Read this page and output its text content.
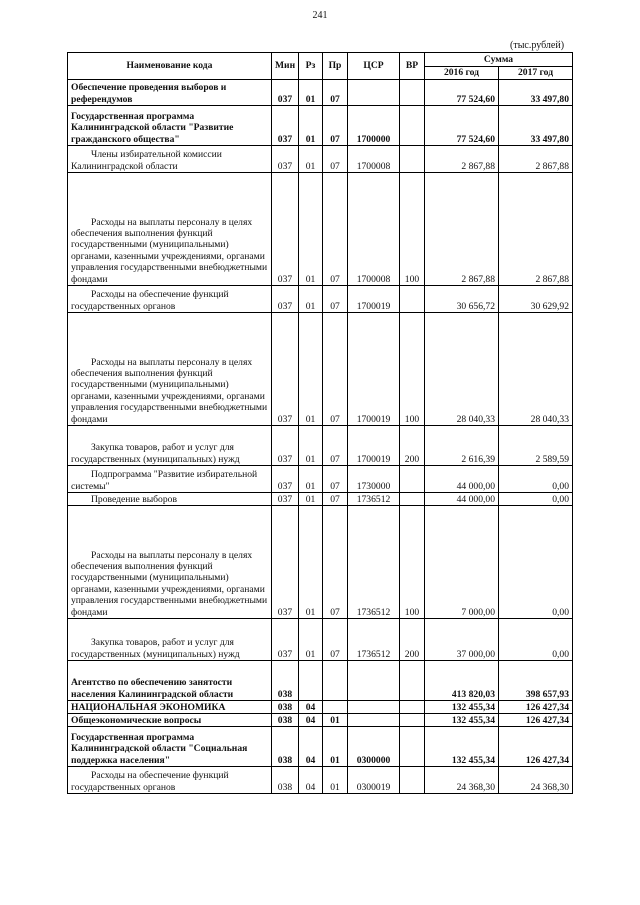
241
(тыс.рублей)
Наименование кода	Мин	Рз	Пр	ЦСР	ВР	Сумма	
						2016 год	2017 год
Обеспечение проведения выборов и референдумов	037	01	07			77 524,60	33 497,80
Государственная программа Калининградской области "Развитие гражданского общества"	037	01	07	1700000		77 524,60	33 497,80
Члены избирательной комиссии Калининградской области	037	01	07	1700008		2 867,88	2 867,88
Расходы на выплаты персоналу в целях обеспечения выполнения функций государственными (муниципальными) органами, казенными учреждениями, органами управления государственными внебюджетными фондами	037	01	07	1700008	100	2 867,88	2 867,88
Расходы на обеспечение функций государственных органов	037	01	07	1700019		30 656,72	30 629,92
Расходы на выплаты персоналу в целях обеспечения выполнения функций государственными (муниципальными) органами, казенными учреждениями, органами управления государственными внебюджетными фондами	037	01	07	1700019	100	28 040,33	28 040,33
Закупка товаров, работ и услуг для государственных (муниципальных) нужд	037	01	07	1700019	200	2 616,39	2 589,59
Подпрограмма "Развитие избирательной системы"	037	01	07	1730000		44 000,00	0,00
Проведение выборов	037	01	07	1736512		44 000,00	0,00
Расходы на выплаты персоналу в целях обеспечения выполнения функций государственными (муниципальными) органами, казенными учреждениями, органами управления государственными внебюджетными фондами	037	01	07	1736512	100	7 000,00	0,00
Закупка товаров, работ и услуг для государственных (муниципальных) нужд	037	01	07	1736512	200	37 000,00	0,00
Агентство по обеспечению занятости населения Калининградской области	038					413 820,03	398 657,93
НАЦИОНАЛЬНАЯ ЭКОНОМИКА	038	04				132 455,34	126 427,34
Общеэкономические вопросы	038	04	01			132 455,34	126 427,34
Государственная программа Калининградской области "Социальная поддержка населения"	038	04	01	0300000		132 455,34	126 427,34
Расходы на обеспечение функций государственных органов	038	04	01	0300019		24 368,30	24 368,30
